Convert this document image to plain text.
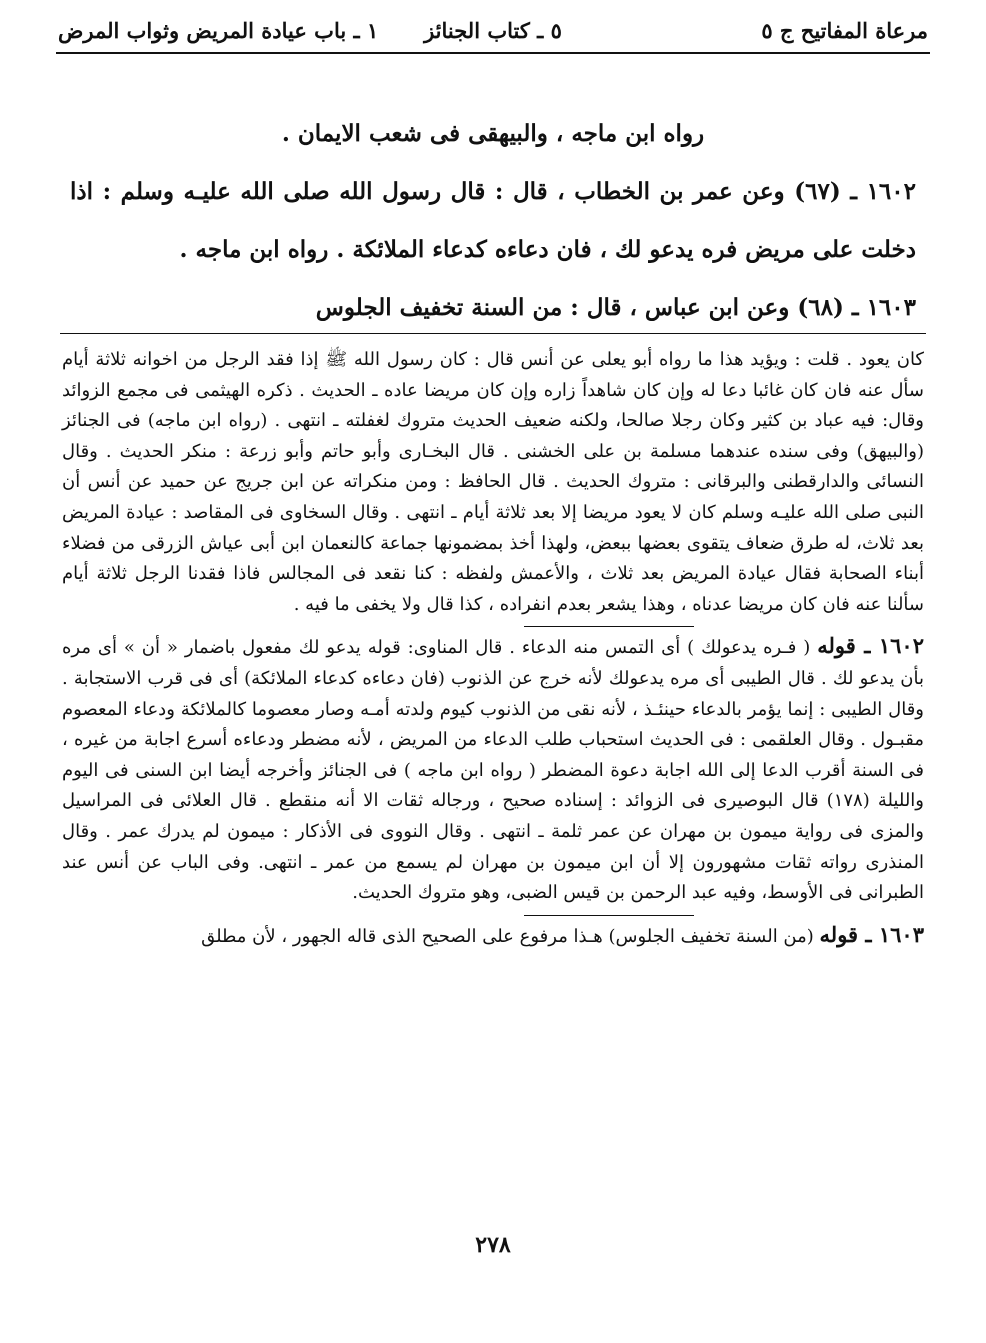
مرعاة المفاتيح ج ٥
٥ ـ كتاب الجنائز
١ ـ باب عيادة المريض وثواب المرض

رواه ابن ماجه ، والبيهقى فى شعب الايمان .

١٦٠٢ ـ (٦٧) وعن عمر بن الخطاب ، قال : قال رسول الله صلى الله عليـه وسلم : اذا دخلت على مريض فره يدعو لك ، فان دعاءه كدعاء الملائكة . رواه ابن ماجه .

١٦٠٣ ـ (٦٨) وعن ابن عباس ، قال : من السنة تخفيف الجلوس

كان يعود . قلت : ويؤيد هذا ما رواه أبو يعلى عن أنس قال : كان رسول الله ﷺ إذا فقد الرجل من اخوانه ثلاثة أيام سأل عنه فان كان غائبا دعا له وإن كان شاهداً زاره وإن كان مريضا عاده ـ الحديث . ذكره الهيثمى فى مجمع الزوائد وقال: فيه عباد بن كثير وكان رجلا صالحا، ولكنه ضعيف الحديث متروك لغفلته ـ انتهى . (رواه ابن ماجه) فى الجنائز (والبيهق) وفى سنده عندهما مسلمة بن على الخشنى . قال البخـارى وأبو حاتم وأبو زرعة : منكر الحديث . وقال النسائى والدارقطنى والبرقانى : متروك الحديث . قال الحافظ : ومن منكراته عن ابن جريج عن حميد عن أنس أن النبى صلى الله عليـه وسلم كان لا يعود مريضا إلا بعد ثلاثة أيام ـ انتهى . وقال السخاوى فى المقاصد : عيادة المريض بعد ثلاث، له طرق ضعاف يتقوى بعضها ببعض، ولهذا أخذ بمضمونها جماعة كالنعمان ابن أبى عياش الزرقى من فضلاء أبناء الصحابة فقال عيادة المريض بعد ثلاث ، والأعمش ولفظه : كنا نقعد فى المجالس فاذا فقدنا الرجل ثلاثة أيام سألنا عنه فان كان مريضا عدناه ، وهذا يشعر بعدم انفراده ، كذا قال ولا يخفى ما فيه .

١٦٠٢ ـ قوله ( فـره يدعولك ) أى التمس منه الدعاء . قال المناوى: قوله يدعو لك مفعول باضمار « أن » أى مره بأن يدعو لك . قال الطيبى أى مره يدعولك لأنه خرج عن الذنوب (فان دعاءه كدعاء الملائكة) أى فى قرب الاستجابة . وقال الطيبى : إنما يؤمر بالدعاء حينئـذ ، لأنه نقى من الذنوب كيوم ولدته أمـه وصار معصوما كالملائكة ودعاء المعصوم مقبـول . وقال العلقمى : فى الحديث استحباب طلب الدعاء من المريض ، لأنه مضطر ودعاءه أسرع اجابة من غيره ، فى السنة أقرب الدعا إلى الله اجابة دعوة المضطر ( رواه ابن ماجه ) فى الجنائز وأخرجه أيضا ابن السنى فى اليوم والليلة (١٧٨) قال البوصيرى فى الزوائد : إسناده صحيح ، ورجاله ثقات الا أنه منقطع . قال العلائى فى المراسيل والمزى فى رواية ميمون بن مهران عن عمر ثلمة ـ انتهى . وقال النووى فى الأذكار : ميمون لم يدرك عمر . وقال المنذرى رواته ثقات مشهورون إلا أن ابن ميمون بن مهران لم يسمع من عمر ـ انتهى. وفى الباب عن أنس عند الطبرانى فى الأوسط، وفيه عبد الرحمن بن قيس الضبى، وهو متروك الحديث.

١٦٠٣ ـ قوله (من السنة تخفيف الجلوس) هـذا مرفوع على الصحيح الذى قاله الجهور ، لأن مطلق

٢٧٨
